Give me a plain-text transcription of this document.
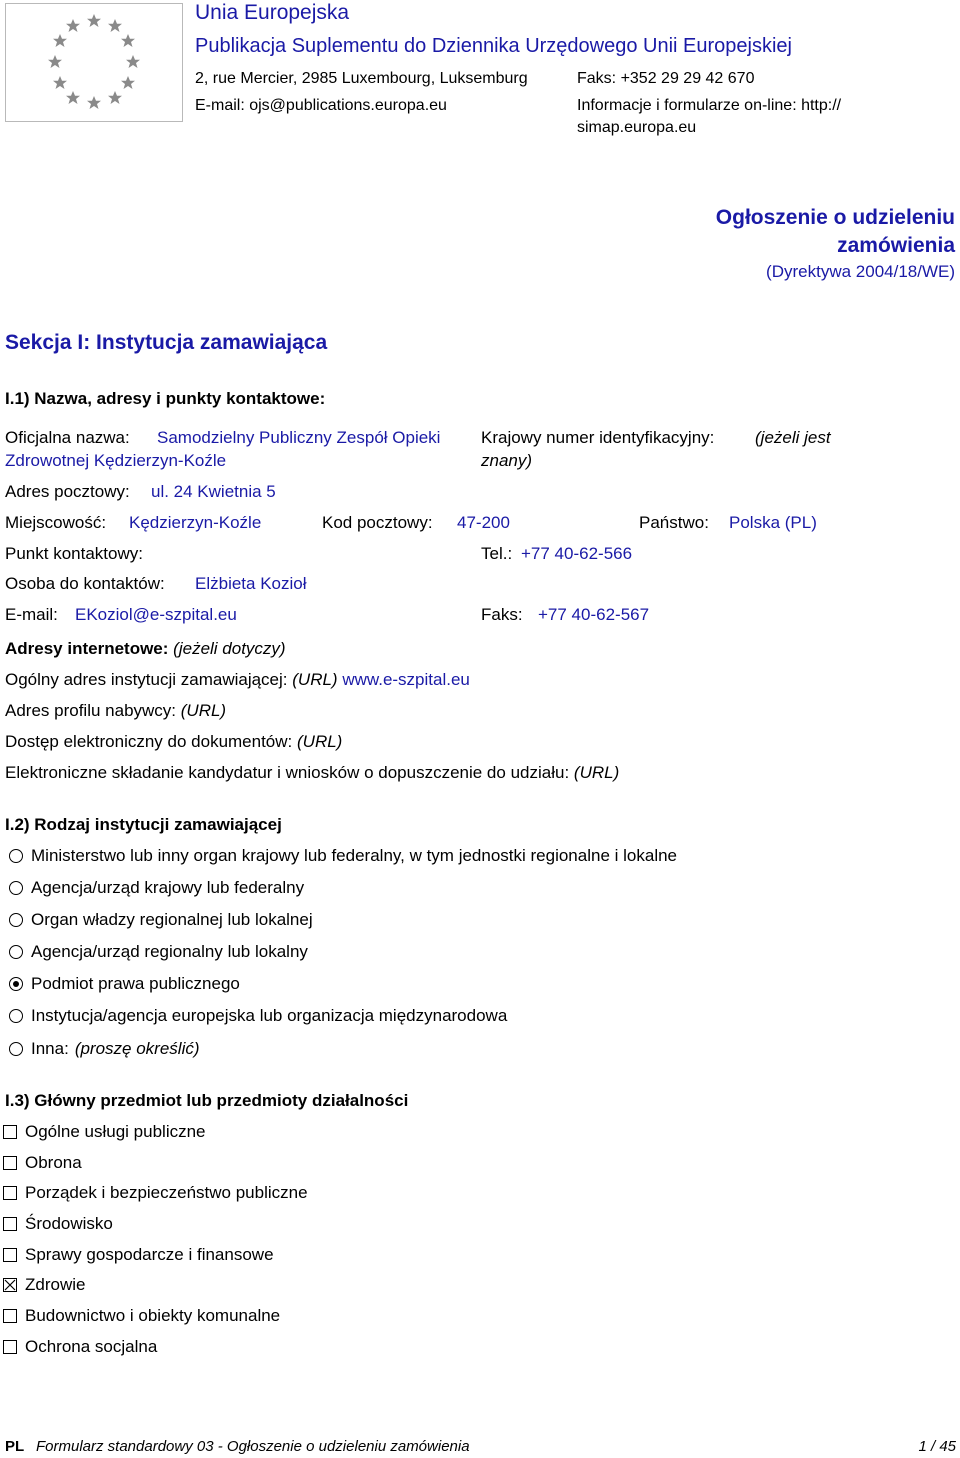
Unia Europejska
Publikacja Suplementu do Dziennika Urzędowego Unii Europejskiej
2, rue Mercier, 2985 Luxembourg, Luksemburg	Faks: +352 29 29 42 670
E-mail: ojs@publications.europa.eu	Informacje i formularze on-line: http://
simap.europa.eu
Ogłoszenie o udzieleniu
zamówienia
(Dyrektywa 2004/18/WE)
Sekcja I: Instytucja zamawiająca
I.1) Nazwa, adresy i punkty kontaktowe:
Oficjalna nazwa: Samodzielny Publiczny Zespół Opieki
Zdrowotnej Kędzierzyn-Koźle
Krajowy numer identyfikacyjny: (jeżeli jest
znany)
Adres pocztowy: ul. 24 Kwietnia 5
Miejscowość: Kędzierzyn-Koźle	Kod pocztowy: 47-200	Państwo: Polska (PL)
Punkt kontaktowy:	Tel.: +77 40-62-566
Osoba do kontaktów: Elżbieta Kozioł
E-mail: EKoziol@e-szpital.eu	Faks: +77 40-62-567
Adresy internetowe: (jeżeli dotyczy)
Ogólny adres instytucji zamawiającej: (URL) www.e-szpital.eu
Adres profilu nabywcy: (URL)
Dostęp elektroniczny do dokumentów: (URL)
Elektroniczne składanie kandydatur i wniosków o dopuszczenie do udziału: (URL)
I.2) Rodzaj instytucji zamawiającej
Ministerstwo lub inny organ krajowy lub federalny, w tym jednostki regionalne i lokalne
Agencja/urząd krajowy lub federalny
Organ władzy regionalnej lub lokalnej
Agencja/urząd regionalny lub lokalny
Podmiot prawa publicznego
Instytucja/agencja europejska lub organizacja międzynarodowa
Inna: (proszę określić)
I.3) Główny przedmiot lub przedmioty działalności
Ogólne usługi publiczne
Obrona
Porządek i bezpieczeństwo publiczne
Środowisko
Sprawy gospodarcze i finansowe
Zdrowie
Budownictwo i obiekty komunalne
Ochrona socjalna
PL Formularz standardowy 03 - Ogłoszenie o udzieleniu zamówienia	1 / 45
